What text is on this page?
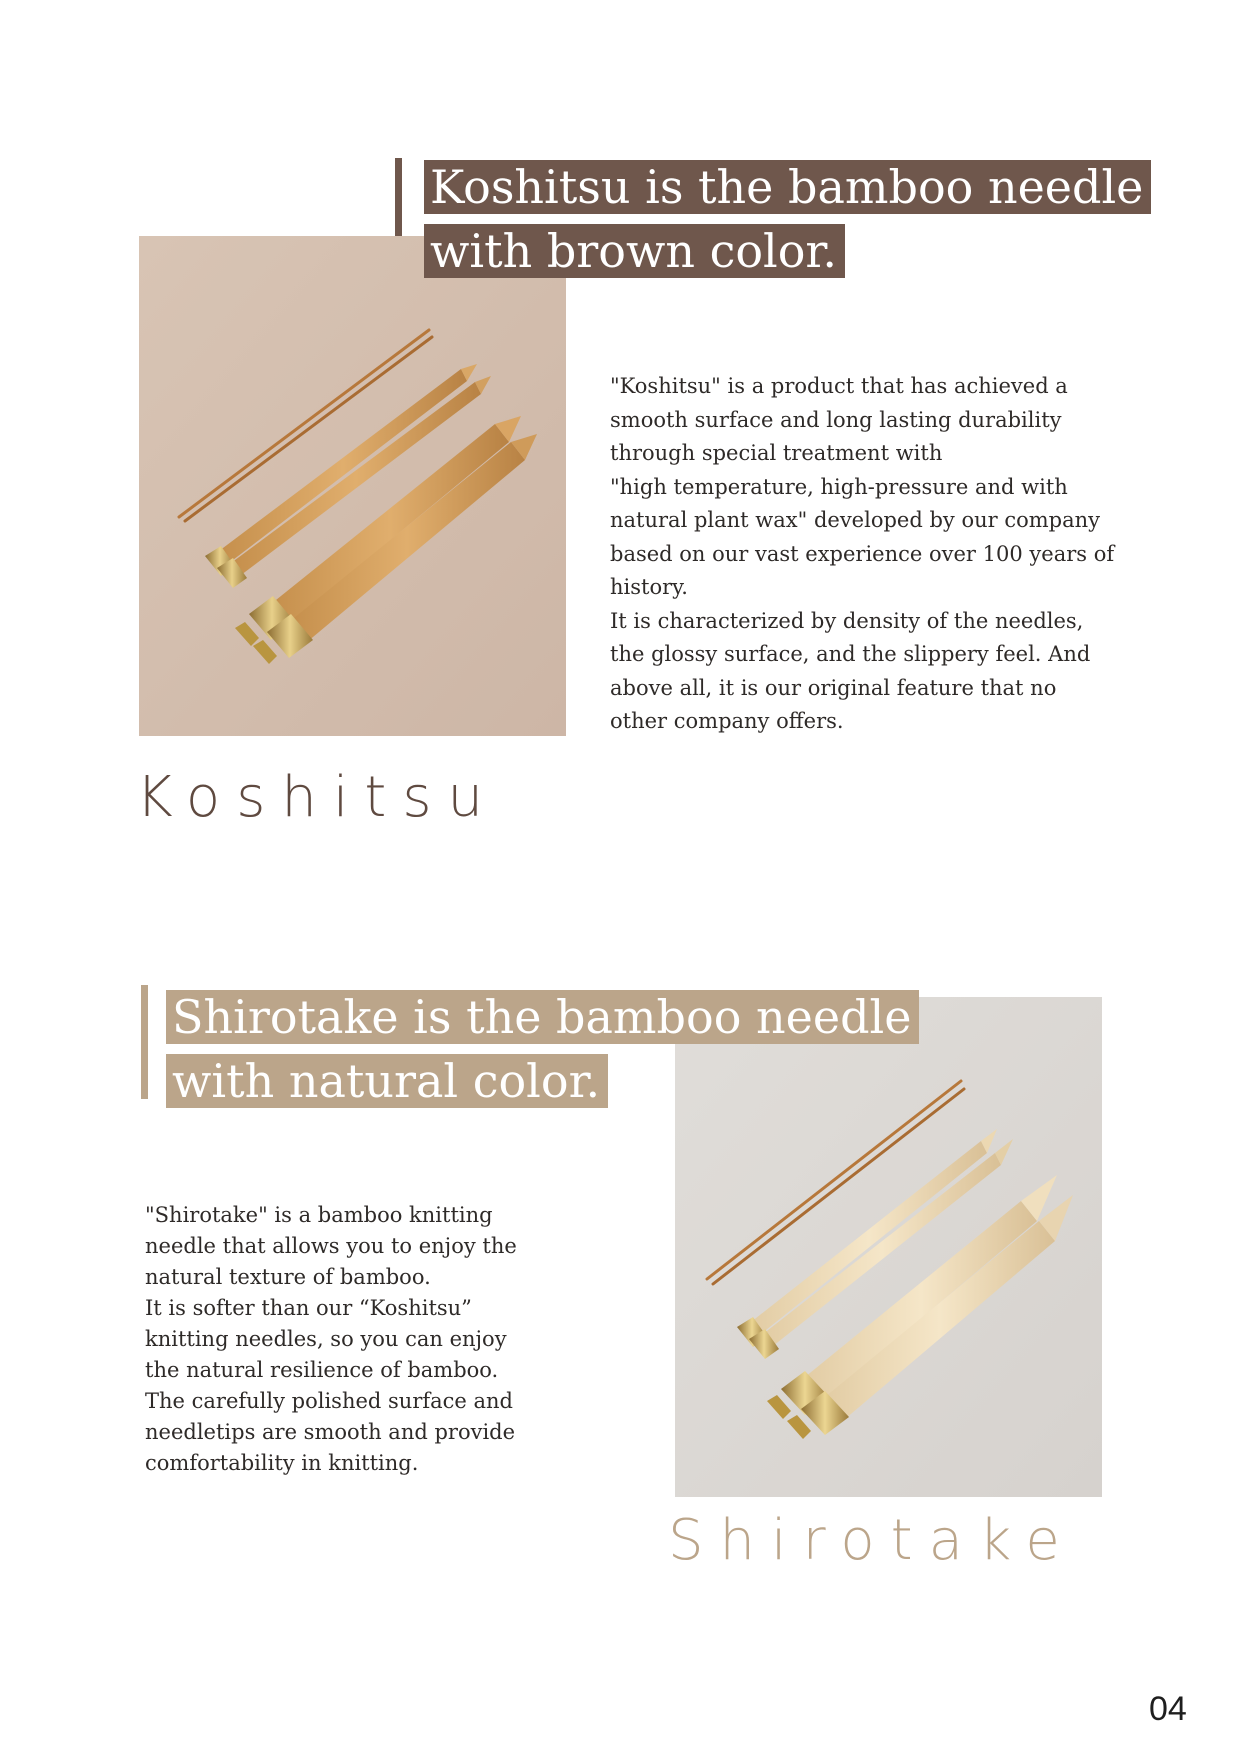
Koshitsu is the bamboo needle
with brown color.
"Koshitsu" is a product that has achieved a
smooth surface and long lasting durability
through special treatment with
"high temperature, high-pressure and with
natural plant wax" developed by our company
based on our vast experience over 100 years of
history.
It is characterized by density of the needles,
the glossy surface, and the slippery feel. And
above all, it is our original feature that no
other company offers.
Koshitsu
Shirotake is the bamboo needle
with natural color.
"Shirotake" is a bamboo knitting
needle that allows you to enjoy the
natural texture of bamboo.
It is softer than our “Koshitsu”
knitting needles, so you can enjoy
the natural resilience of bamboo.
The carefully polished surface and
needletips are smooth and provide
comfortability in knitting.
Shirotake
04
